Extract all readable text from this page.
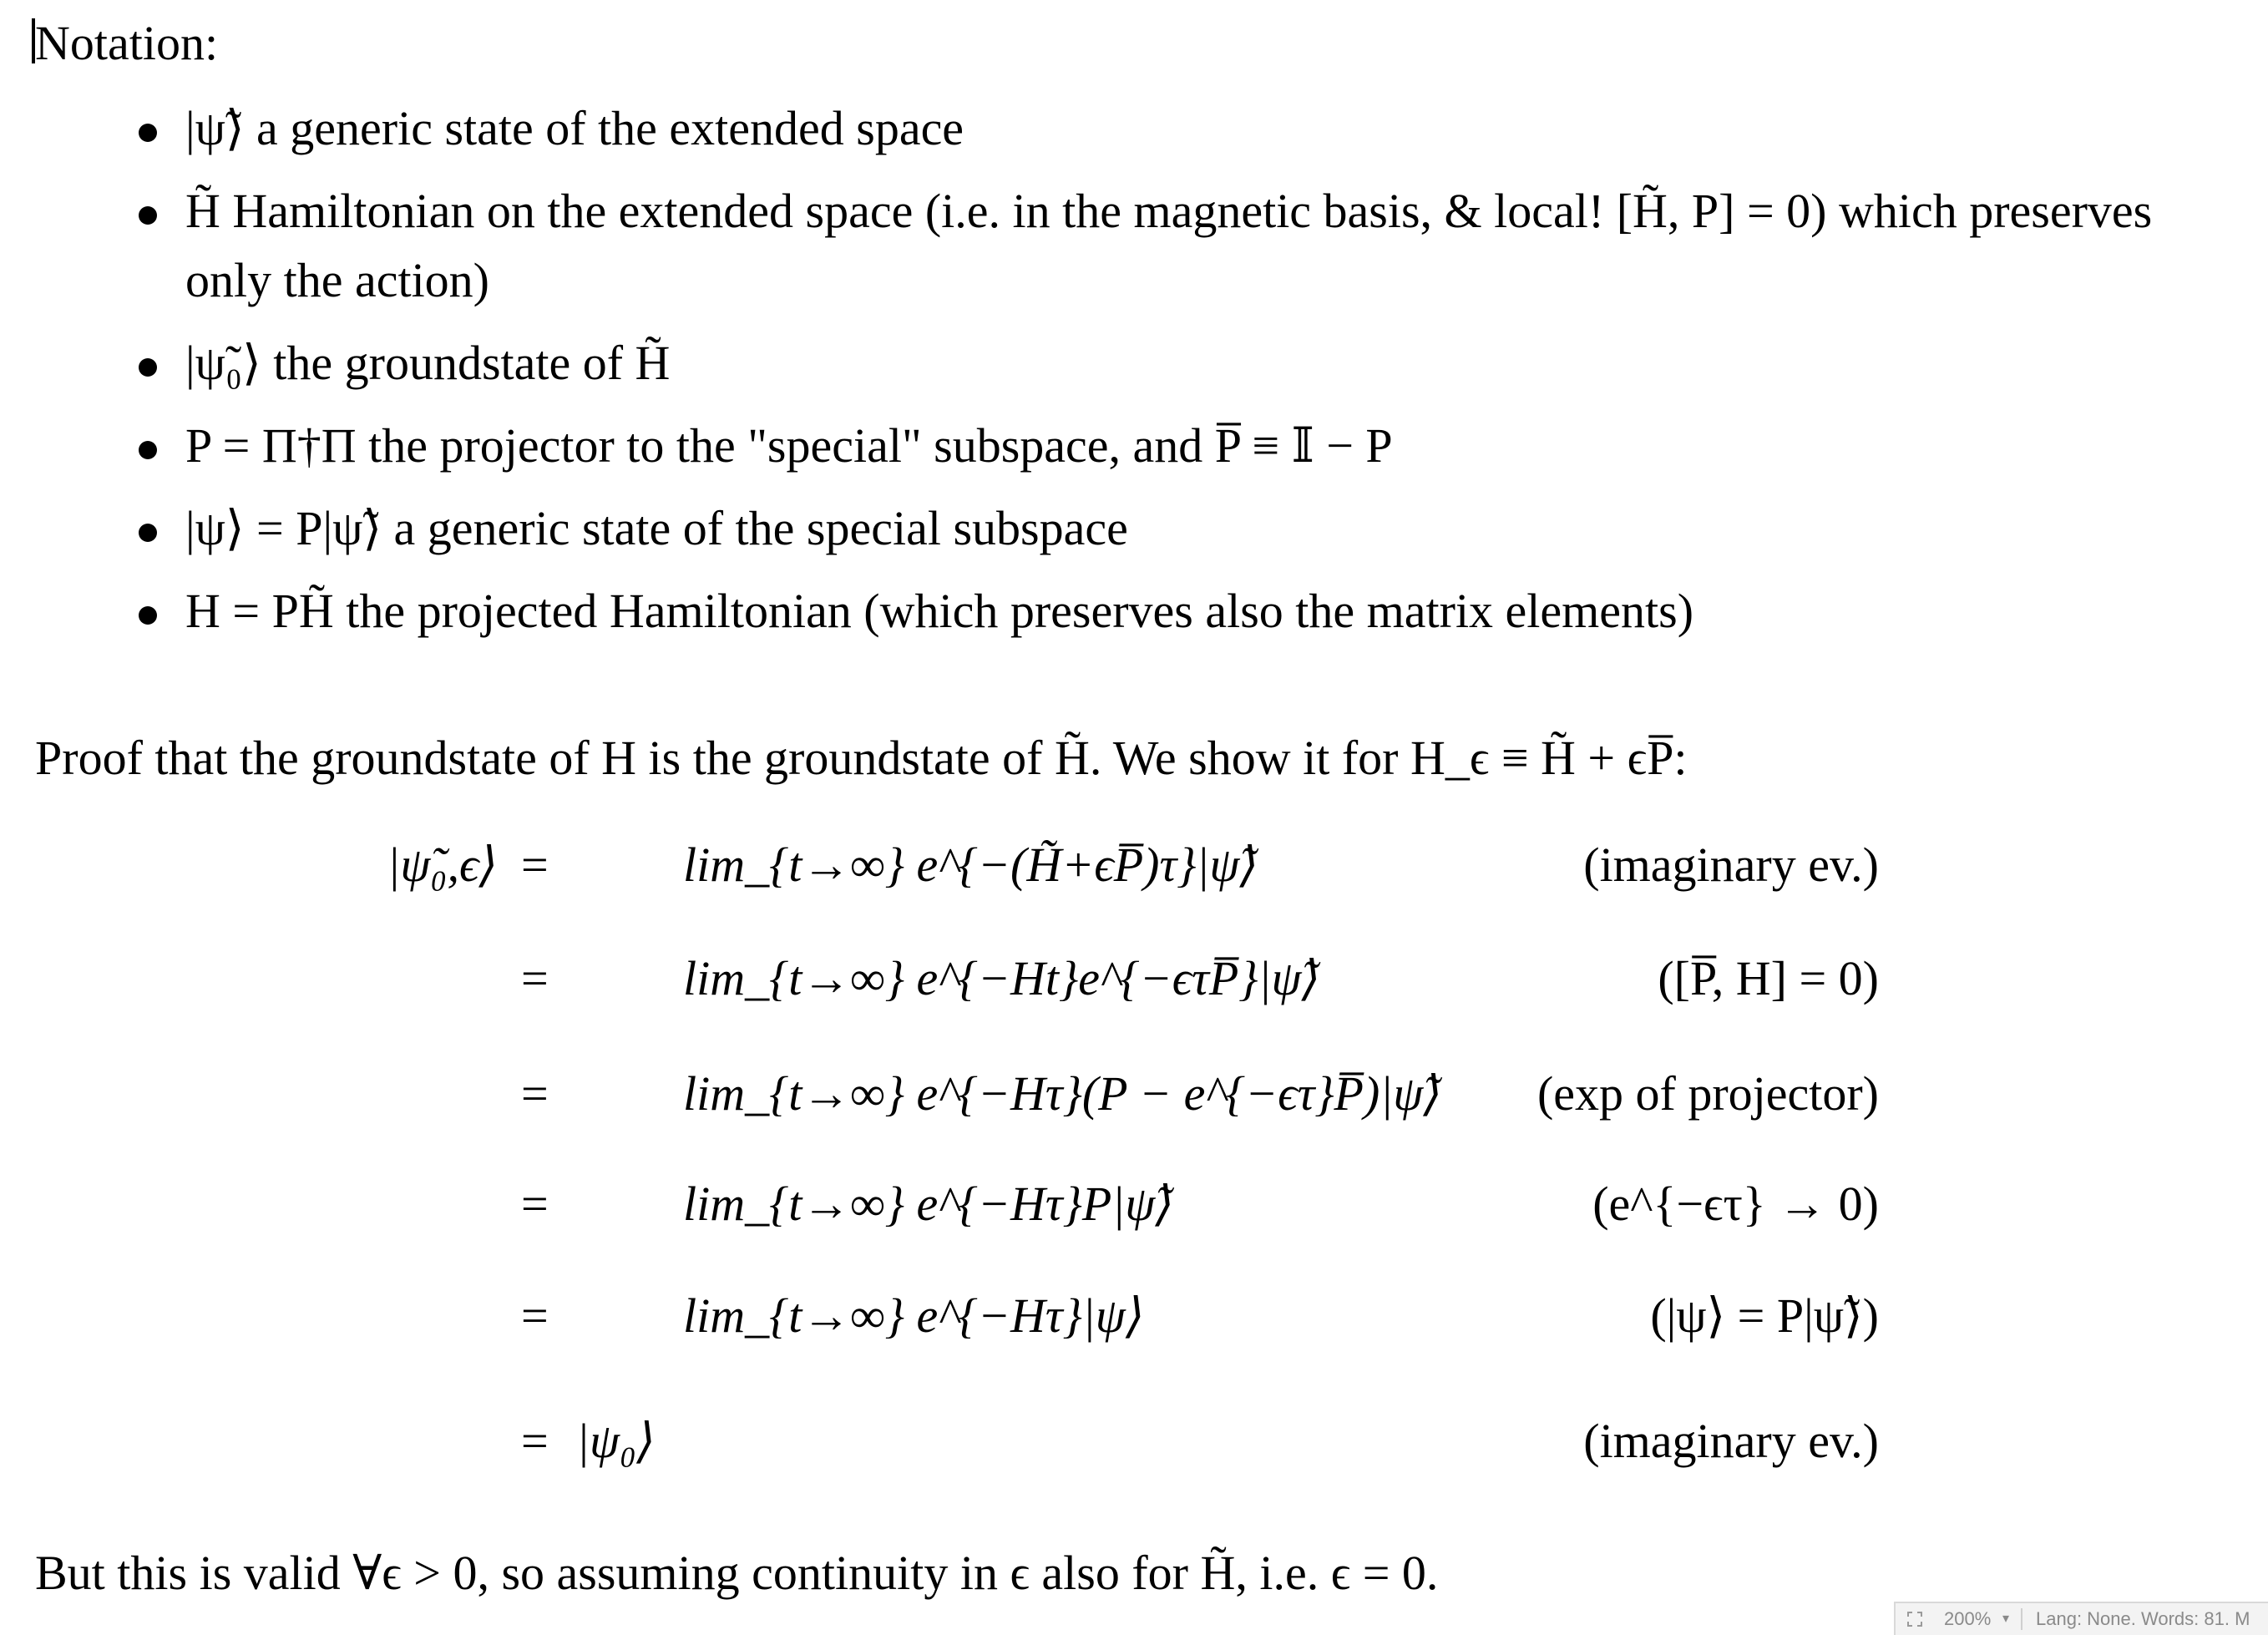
Notation:
|ψ̃⟩ a generic state of the extended space
H̃ Hamiltonian on the extended space (i.e. in the magnetic basis, & local! [H̃, P] = 0) which preserves only the action)
|ψ̃₀⟩ the groundstate of H̃
P = Π†Π the projector to the "special" subspace, and P̅ ≡ 𝕀 − P
|ψ⟩ = P|ψ̃⟩ a generic state of the special subspace
H = PH̃ the projected Hamiltonian (which preserves also the matrix elements)
Proof that the groundstate of H is the groundstate of H̃. We show it for H_ϵ ≡ H̃ + ϵP̅:
|ψ̃₀,ϵ⟩ =	lim_{t→∞} e^{−(H̃+ϵP̅)τ}|ψ̃⟩	(imaginary ev.)
=	lim_{t→∞} e^{−Ht}e^{−ϵτP̅}|ψ̃⟩	([P̅, H] = 0)
=	lim_{t→∞} e^{−Hτ}(P − e^{−ϵτ}P̅)|ψ̃⟩ (exp of projector)
=	lim_{t→∞} e^{−Hτ}P|ψ̃⟩	(e^{−ϵτ} → 0)
=	lim_{t→∞} e^{−Hτ}|ψ⟩	(|ψ⟩ = P|ψ̃⟩)
= |ψ₀⟩	(imaginary ev.)
But this is valid ∀ϵ > 0, so assuming continuity in ϵ also for H̃, i.e. ϵ = 0.
200% ▾ Lang: None. Words: 81. M
